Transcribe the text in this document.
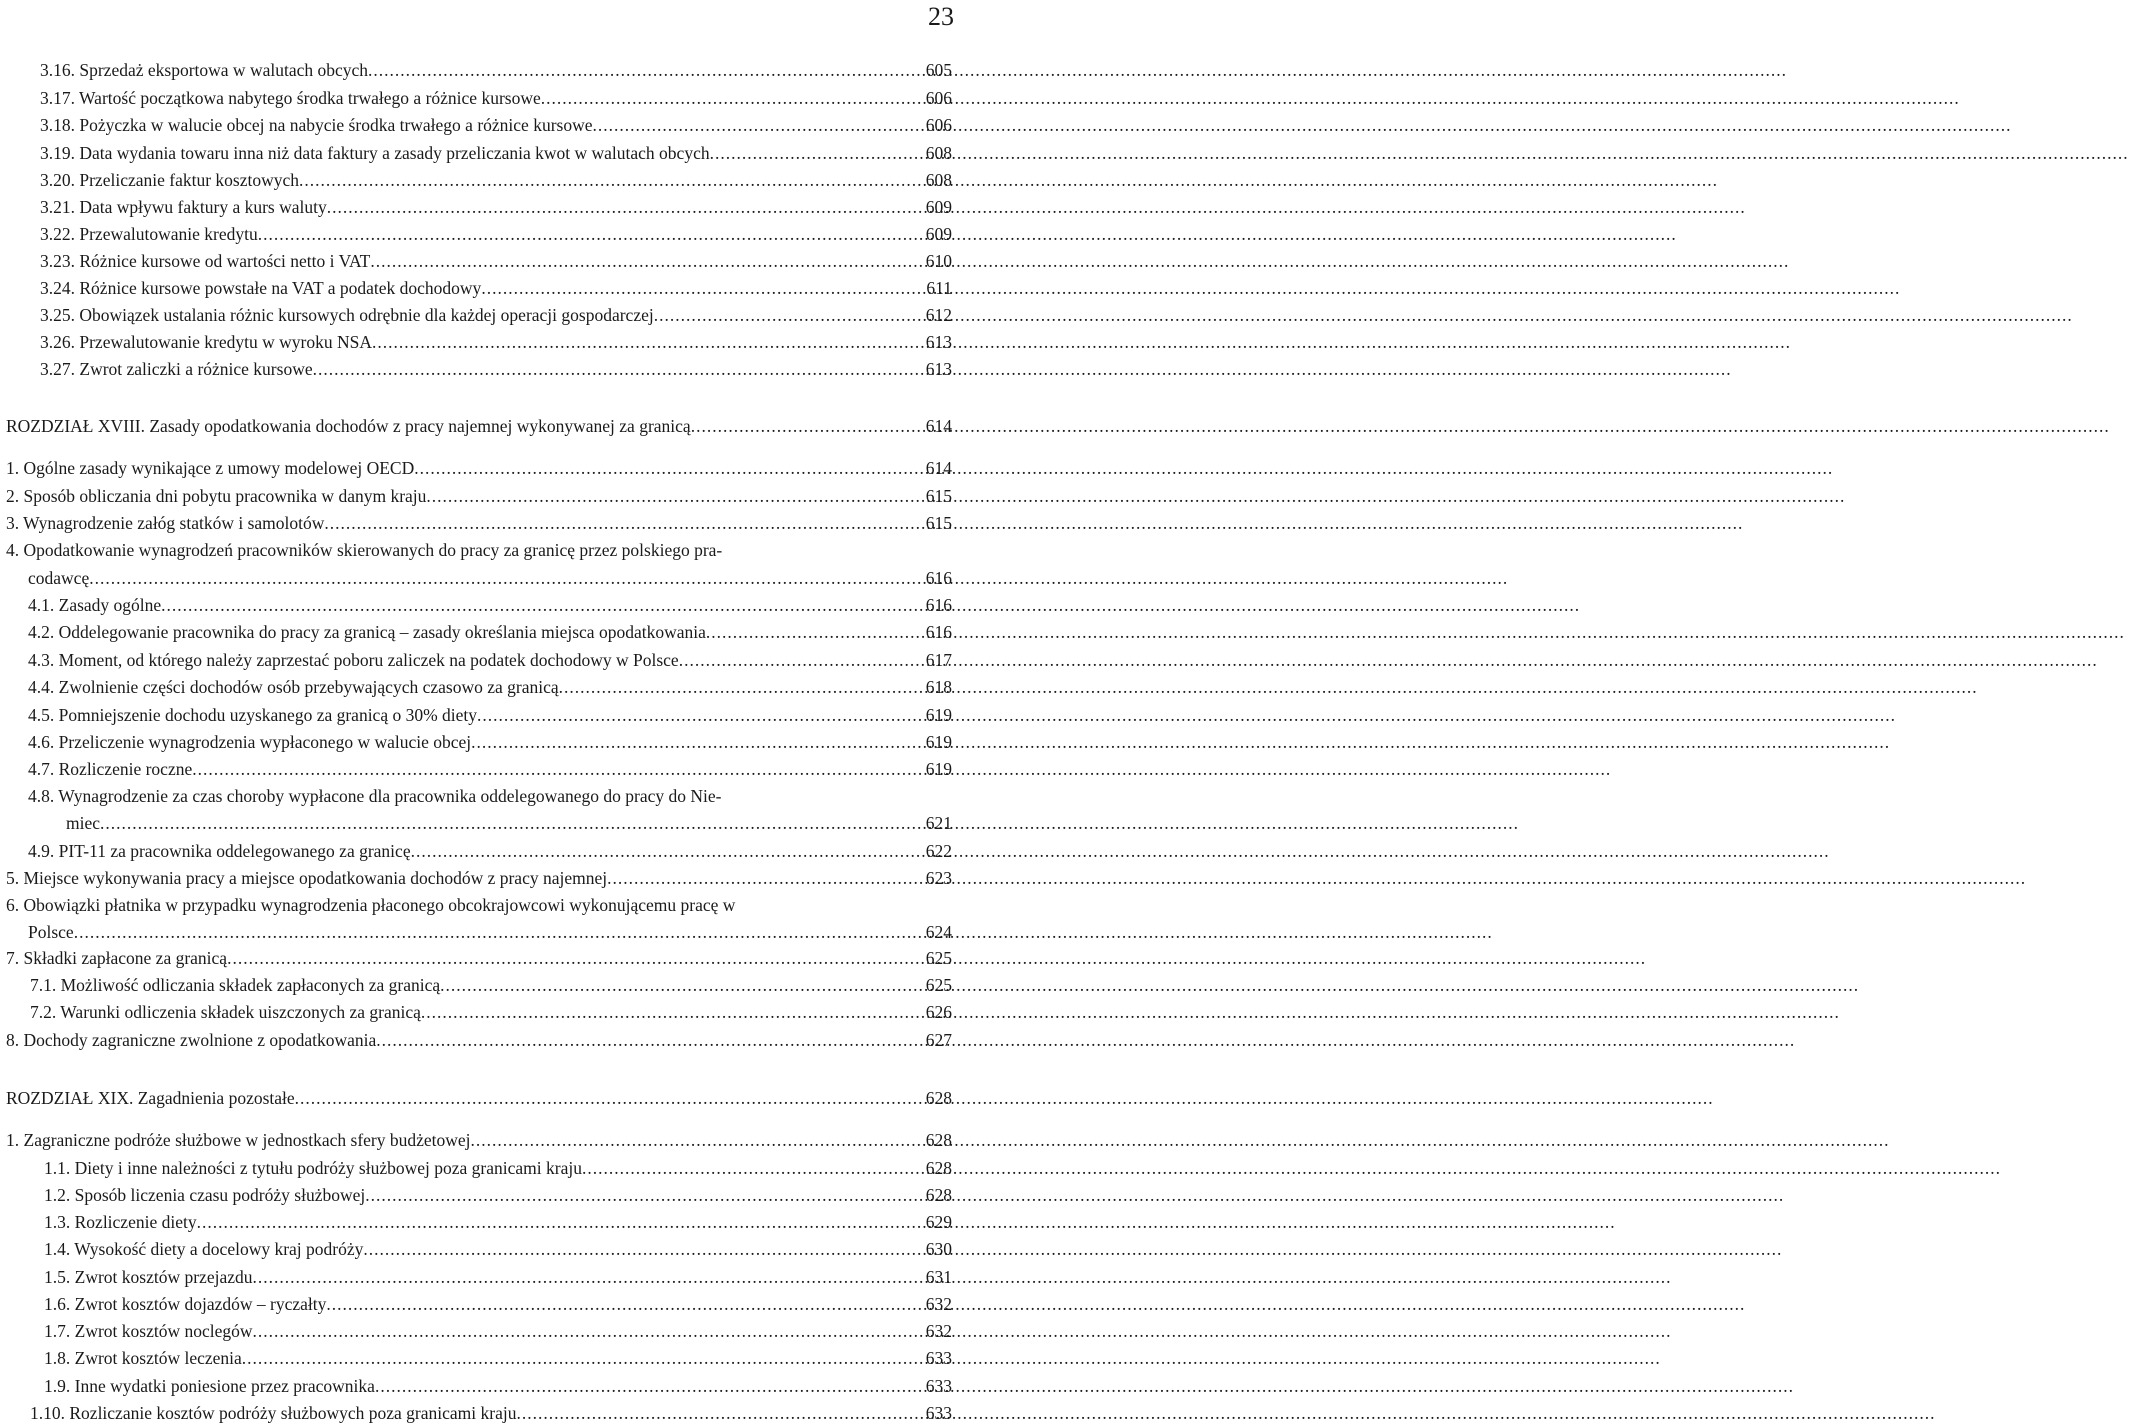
23
3.16. Sprzedaż eksportowa w walutach obcych .....	605
3.17. Wartość początkowa nabytego środka trwałego a różnice kursowe .....	606
3.18. Pożyczka w walucie obcej na nabycie środka trwałego a różnice kursowe .....	606
3.19. Data wydania towaru inna niż data faktury a zasady przeliczania kwot w walutach obcych .....	608
3.20. Przeliczanie faktur kosztowych .....	608
3.21. Data wpływu faktury a kurs waluty .....	609
3.22. Przewalutowanie kredytu .....	609
3.23. Różnice kursowe od wartości netto i VAT .....	610
3.24. Różnice kursowe powstałe na VAT a podatek dochodowy .....	611
3.25. Obowiązek ustalania różnic kursowych odrębnie dla każdej operacji gospodarczej .....	612
3.26. Przewalutowanie kredytu w wyroku NSA .....	613
3.27. Zwrot zaliczki a różnice kursowe .....	613
ROZDZIAŁ XVIII. Zasady opodatkowania dochodów z pracy najemnej wykonywanej za granicą .....	614
1. Ogólne zasady wynikające z umowy modelowej OECD .....	614
2. Sposób obliczania dni pobytu pracownika w danym kraju .....	615
3. Wynagrodzenie załóg statków i samolotów .....	615
4. Opodatkowanie wynagrodzeń pracowników skierowanych do pracy za granicę przez polskiego pra-
codawcę .....	616
4.1. Zasady ogólne .....	616
4.2. Oddelegowanie pracownika do pracy za granicą – zasady określania miejsca opodatkowania .....	616
4.3. Moment, od którego należy zaprzestać poboru zaliczek na podatek dochodowy w Polsce .....	617
4.4. Zwolnienie części dochodów osób przebywających czasowo za granicą .....	618
4.5. Pomniejszenie dochodu uzyskanego za granicą o 30% diety .....	619
4.6. Przeliczenie wynagrodzenia wypłaconego w walucie obcej .....	619
4.7. Rozliczenie roczne .....	619
4.8. Wynagrodzenie za czas choroby wypłacone dla pracownika oddelegowanego do pracy do Nie-
miec .....	621
4.9. PIT-11 za pracownika oddelegowanego za granicę .....	622
5. Miejsce wykonywania pracy a miejsce opodatkowania dochodów z pracy najemnej .....	623
6. Obowiązki płatnika w przypadku wynagrodzenia płaconego obcokrajowcowi wykonującemu pracę w
Polsce .....	624
7. Składki zapłacone za granicą .....	625
7.1. Możliwość odliczania składek zapłaconych za granicą .....	625
7.2. Warunki odliczenia składek uiszczonych za granicą .....	626
8. Dochody zagraniczne zwolnione z opodatkowania .....	627
ROZDZIAŁ XIX. Zagadnienia pozostałe .....	628
1. Zagraniczne podróże służbowe w jednostkach sfery budżetowej .....	628
1.1. Diety i inne należności z tytułu podróży służbowej poza granicami kraju .....	628
1.2. Sposób liczenia czasu podróży służbowej .....	628
1.3. Rozliczenie diety .....	629
1.4. Wysokość diety a docelowy kraj podróży .....	630
1.5. Zwrot kosztów przejazdu .....	631
1.6. Zwrot kosztów dojazdów – ryczałty .....	632
1.7. Zwrot kosztów noclegów .....	632
1.8. Zwrot kosztów leczenia .....	633
1.9. Inne wydatki poniesione przez pracownika .....	633
1.10. Rozliczanie kosztów podróży służbowych poza granicami kraju .....	633
